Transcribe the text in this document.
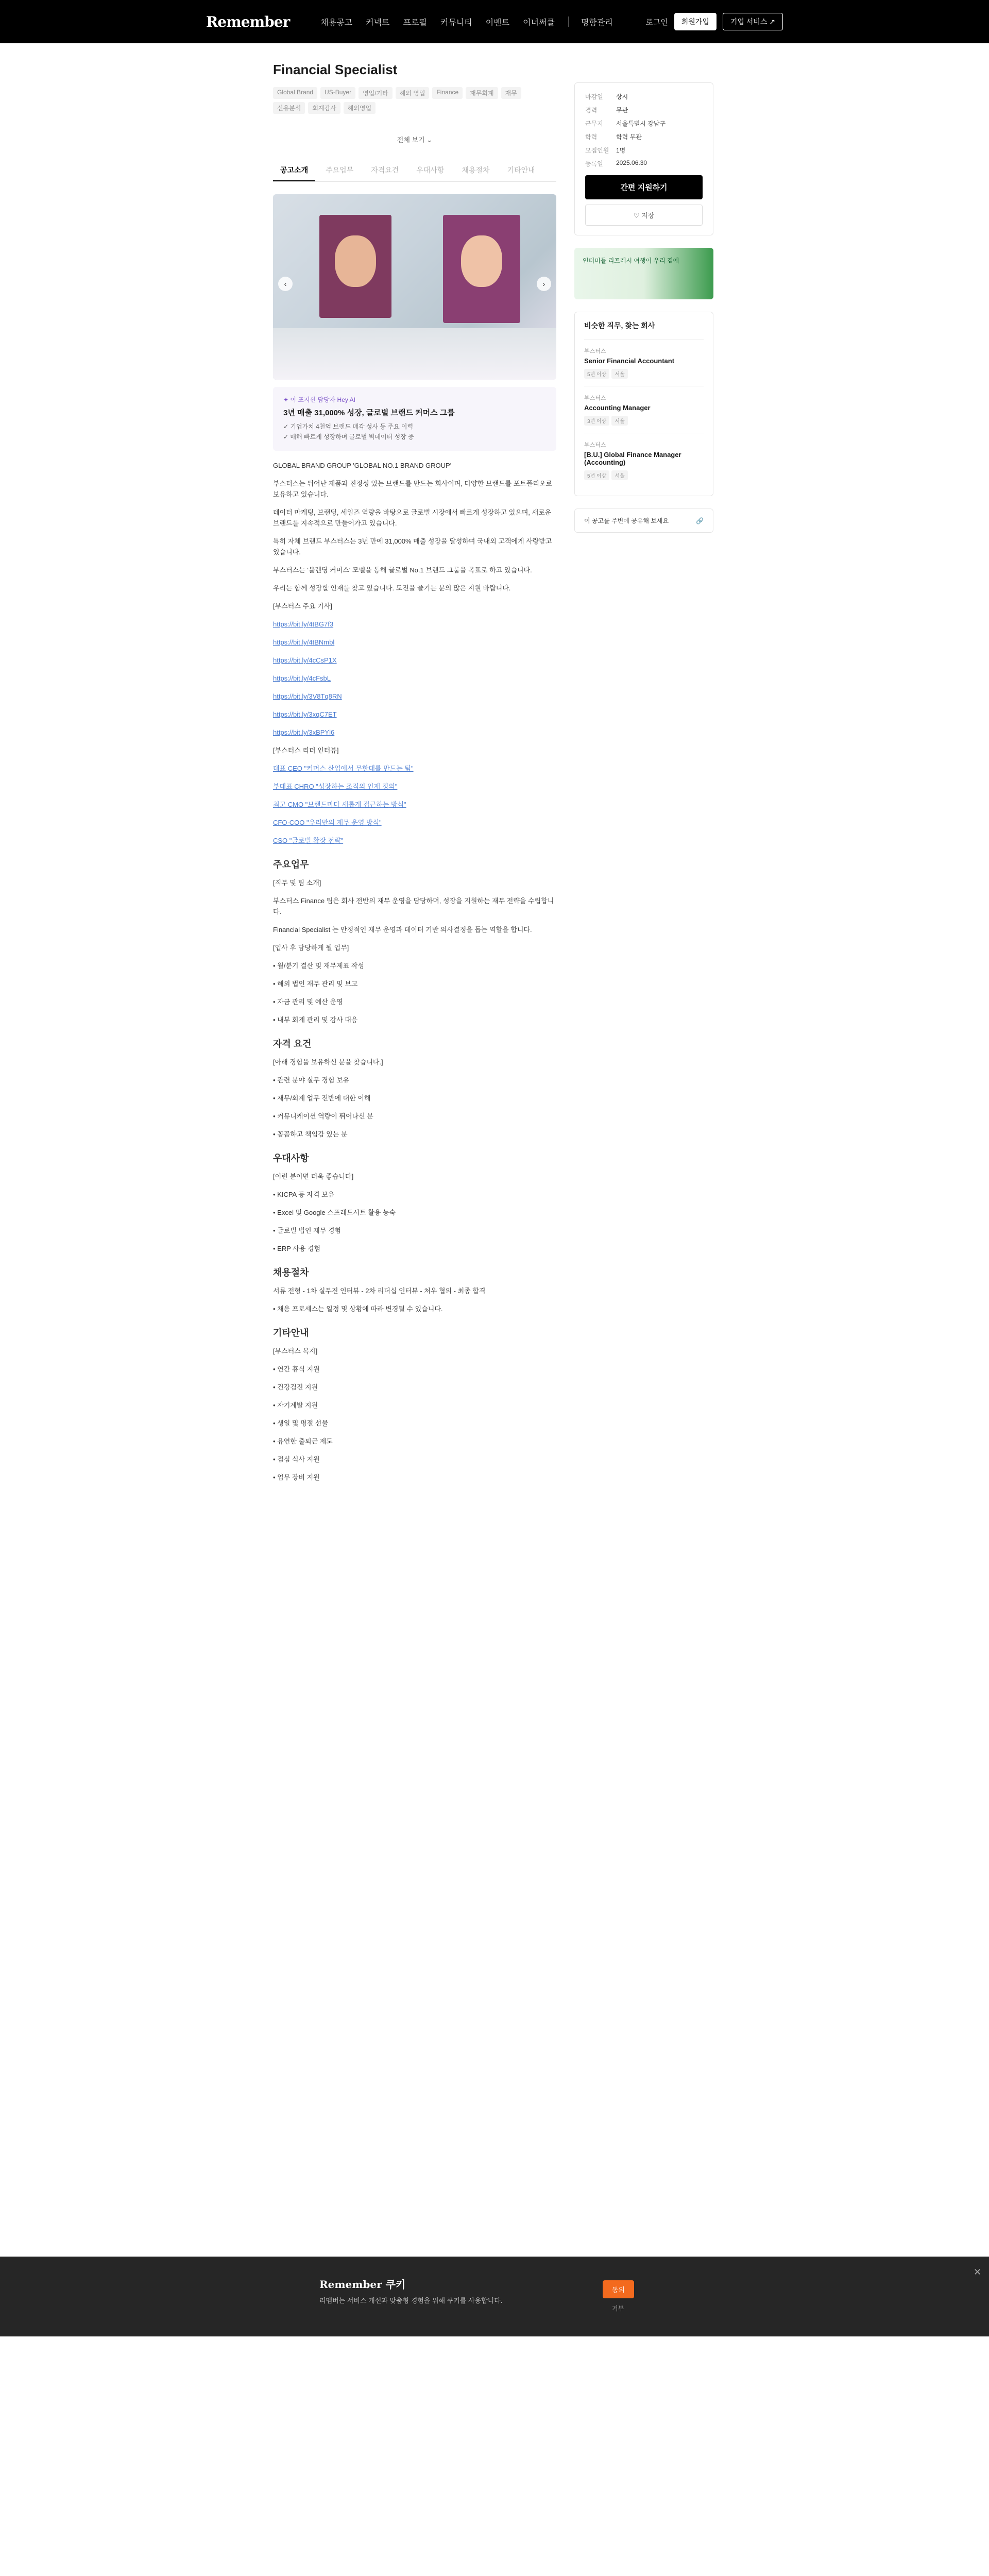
Remember	채용공고 커넥트 프로필 커뮤니티 이벤트 이너써클	명함관리	로그인	회원가입	기업 서비스 ↗
Financial Specialist
Global Brand	US-Buyer	영업/기타	해외 영업	Finance	재무회계	재무
신용분석	회계감사	해외영업
전체 보기 ⌄
공고소개	주요업무	자격요건	우대사항	채용절차	기타안내
‹	›
✦ 이 포지션 담당자 Hey AI
3년 매출 31,000% 성장, 글로벌 브랜드 커머스 그룹
✓ 기업가치 4천억 브랜드 매각 성사 등 주요 이력
✓ 매해 빠르게 성장하며 글로벌 빅데이터 성장 중

GLOBAL BRAND GROUP 'GLOBAL NO.1 BRAND GROUP'

부스터스는 뛰어난 제품과 진정성 있는 브랜드를 만드는 회사이며, 다양한 브랜드를 포트폴리오로 보유하고 있습니다.

데이터 마케팅, 브랜딩, 세일즈 역량을 바탕으로 글로벌 시장에서 빠르게 성장하고 있으며, 새로운 브랜드를 지속적으로 만들어가고 있습니다.

특히 자체 브랜드 부스터스는 3년 만에 31,000% 매출 성장을 달성하며 국내외 고객에게 사랑받고 있습니다.

부스터스는 '블렌딩 커머스' 모델을 통해 글로벌 No.1 브랜드 그룹을 목표로 하고 있습니다.

우리는 함께 성장할 인재를 찾고 있습니다. 도전을 즐기는 분의 많은 지원 바랍니다.

[부스터스 주요 기사]

https://bit.ly/4tBG7f3

https://bit.ly/4tBNmbl

https://bit.ly/4cCsP1X

https://bit.ly/4cFsbL

https://bit.ly/3V8Tq8RN

https://bit.ly/3xqC7ET

https://bit.ly/3xBPYl6

[부스터스 리더 인터뷰]

대표 CEO "커머스 산업에서 무한대를 만드는 팀"

부대표 CHRO "성장하는 조직의 인재 정의"

최고 CMO "브랜드마다 새롭게 접근하는 방식"

CFO·COO "우리만의 재무 운영 방식"

CSO "글로벌 확장 전략"

주요업무

[직무 및 팀 소개]

부스터스 Finance 팀은 회사 전반의 재무 운영을 담당하며, 성장을 지원하는 재무 전략을 수립합니다.

Financial Specialist 는 안정적인 재무 운영과 데이터 기반 의사결정을 돕는 역할을 합니다.

[입사 후 담당하게 될 업무]

• 월/분기 결산 및 재무제표 작성

• 해외 법인 재무 관리 및 보고

• 자금 관리 및 예산 운영

• 내부 회계 관리 및 감사 대응

자격 요건

[아래 경험을 보유하신 분을 찾습니다.]

• 관련 분야 실무 경험 보유

• 재무/회계 업무 전반에 대한 이해

• 커뮤니케이션 역량이 뛰어나신 분

• 꼼꼼하고 책임감 있는 분

우대사항

[이런 분이면 더욱 좋습니다]

• KICPA 등 자격 보유

• Excel 및 Google 스프레드시트 활용 능숙

• 글로벌 법인 재무 경험

• ERP 사용 경험

채용절차

서류 전형 - 1차 실무진 인터뷰 - 2차 리더십 인터뷰 - 처우 협의 - 최종 합격

• 채용 프로세스는 일정 및 상황에 따라 변경될 수 있습니다.

기타안내

[부스터스 복지]

• 연간 휴식 지원

• 건강검진 지원

• 자기계발 지원

• 생일 및 명절 선물

• 유연한 출퇴근 제도

• 점심 식사 지원

• 업무 장비 지원

마감일	상시
경력	무관
근무지	서울특별시 강남구
학력	학력 무관
모집인원	1명
등록일	2025.06.30
간편 지원하기
♡ 저장
인터미들 리프레시 여행이 우리 곁에
비슷한 직무, 찾는 회사
부스터스
Senior Financial Accountant
5년 이상 서울
부스터스
Accounting Manager
3년 이상 서울
부스터스
[B.U.] Global Finance Manager (Accounting)
5년 이상 서울
이 공고를 주변에 공유해 보세요	🔗
Remember 쿠키
리멤버는 서비스 개선과 맞춤형 경험을 위해 쿠키를 사용합니다.
동의
거부
✕
